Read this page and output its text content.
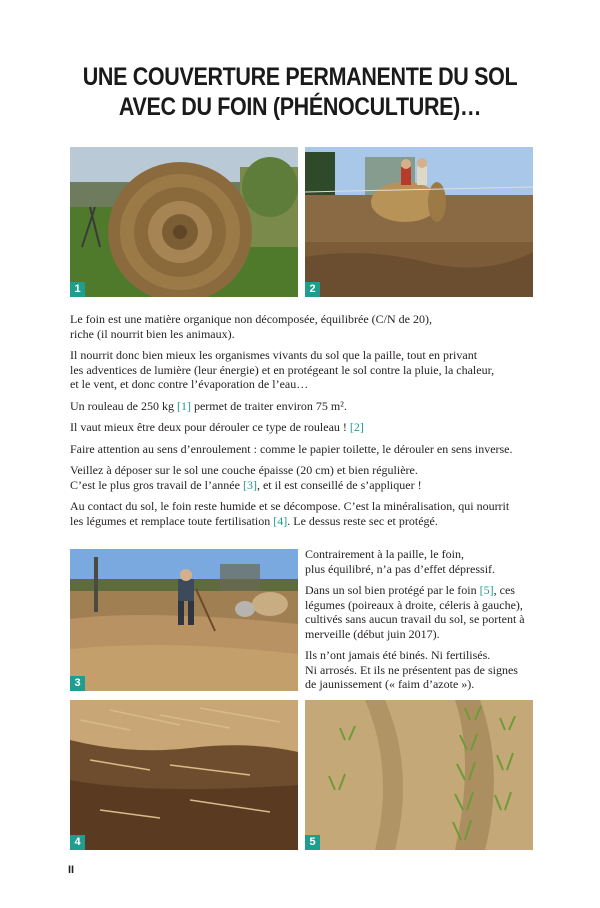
UNE COUVERTURE PERMANENTE DU SOL
AVEC DU FOIN (PHÉNOCULTURE)…
1	2

Le foin est une matière organique non décomposée, équilibrée (C/N de 20),
riche (il nourrit bien les animaux).

Il nourrit donc bien mieux les organismes vivants du sol que la paille, tout en privant
les adventices de lumière (leur énergie) et en protégeant le sol contre la pluie, la chaleur,
et le vent, et donc contre l’évaporation de l’eau…

Un rouleau de 250 kg [1] permet de traiter environ 75 m².

Il vaut mieux être deux pour dérouler ce type de rouleau ! [2]

Faire attention au sens d’enroulement : comme le papier toilette, le dérouler en sens inverse.

Veillez à déposer sur le sol une couche épaisse (20 cm) et bien régulière.
C’est le plus gros travail de l’année [3], et il est conseillé de s’appliquer !

Au contact du sol, le foin reste humide et se décompose. C’est la minéralisation, qui nourrit
les légumes et remplace toute fertilisation [4]. Le dessus reste sec et protégé.

3

Contrairement à la paille, le foin,
plus équilibré, n’a pas d’effet dépressif.

Dans un sol bien protégé par le foin [5], ces
légumes (poireaux à droite, céleris à gauche),
cultivés sans aucun travail du sol, se portent à
merveille (début juin 2017).

Ils n’ont jamais été binés. Ni fertilisés.
Ni arrosés. Et ils ne présentent pas de signes
de jaunissement (« faim d’azote »).

4	5
II
